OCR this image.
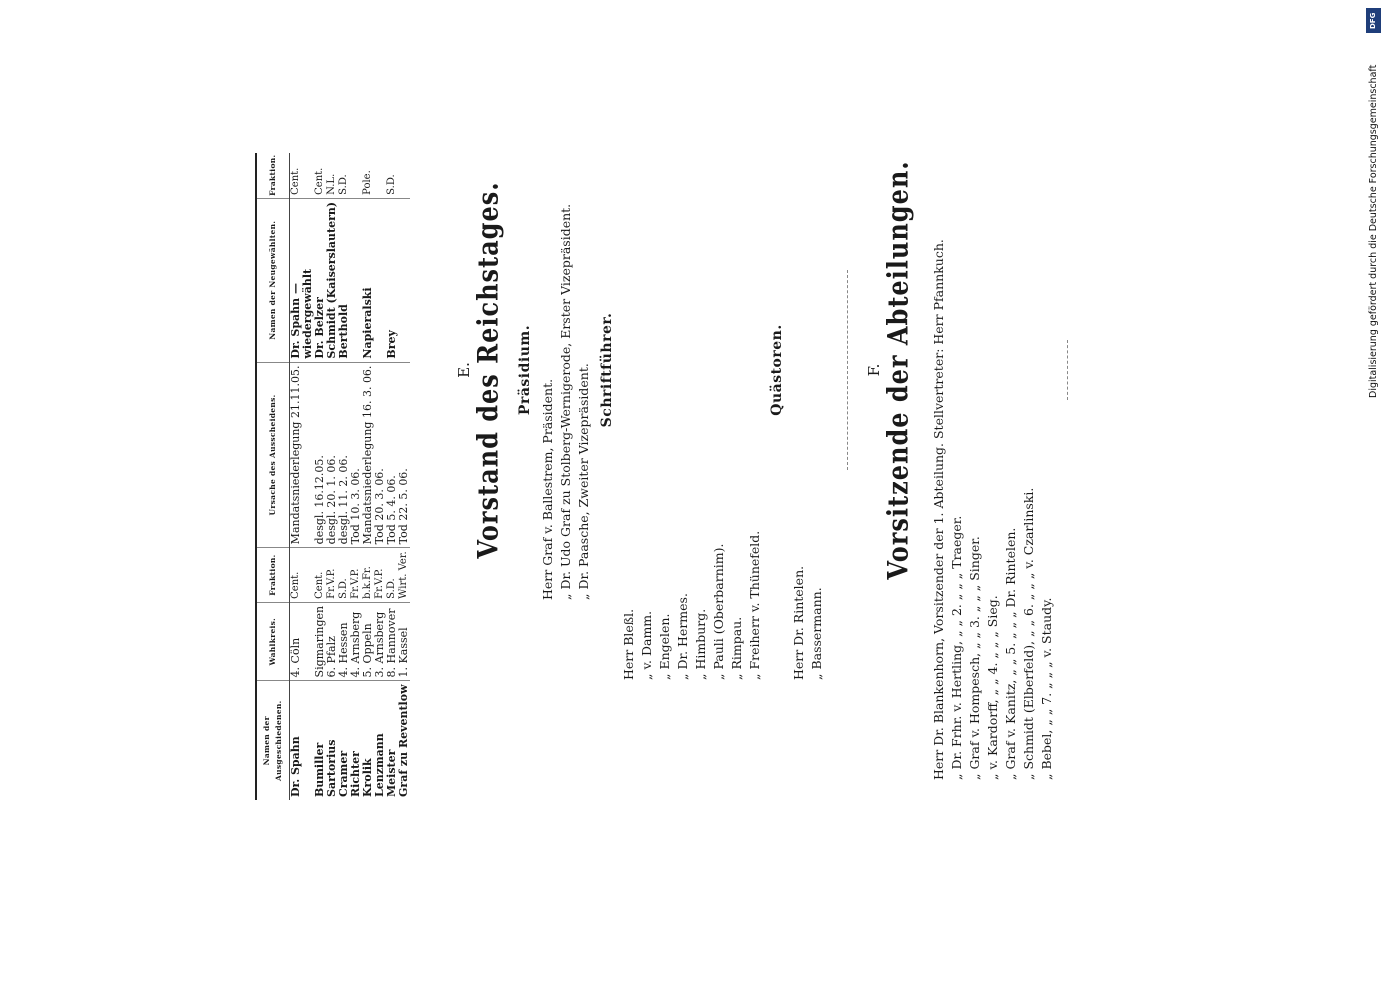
Namen der Ausgeschiedenen.	Wahlkreis.	Fraktion.	Ursache des Ausscheidens.	Namen der Neugewählten.	Fraktion.
Dr. Spahn	4. Cöln	Cent.	Mandatsniederlegung 21.11.05.	Dr. Spahn —	Cent.
				wiedergewählt	
Bumiller	Sigmaringen	Cent.	desgl. 16.12.05.	Dr. Belzer	Cent.
Sartorius	6. Pfalz	Fr.V.P.	desgl. 20. 1. 06.	Schmidt (Kaiserslautern)	N.L.
Cramer	4. Hessen	S.D.	desgl. 11. 2. 06.	Berthold	S.D.
Richter	4. Arnsberg	Fr.V.P.	Tod 10. 3. 06.		
Krolik	5. Oppeln	b.k.Fr.	Mandatsniederlegung 16. 3. 06.	Napieralski	Pole.
Lenzmann	3. Arnsberg	Fr.V.P.	Tod 20. 3. 06.		
Meister	8. Hannover	S.D.	Tod 5. 4. 06.	Brey	S.D.
Graf zu Reventlow	1. Kassel	Wirt. Ver.	Tod 22. 5. 06.		
E.
Vorstand des Reichstages. Präsidium.
Herr Graf v. Ballestrem, Präsident. „ Dr. Udo Graf zu Stolberg-Wernigerode, Erster Vizepräsident. „ Dr. Paasche, Zweiter Vizepräsident. Schriftführer.
Herr Bleßl. „ v. Damm. „ Engelen. „ Dr. Hermes. „ Himburg. „ Pauli (Oberbarnim). „ Rimpau. „ Freiherr v. Thünefeld.
Quästoren.
Herr Dr. Rintelen. „ Bassermann.
F.
Vorsitzende der Abteilungen. Herr Dr. Blankenhorn, Vorsitzender der 1. Abteilung. Stellvertreter: Herr Pfannkuch. „ Dr. Frhr. v. Hertling, „ „ 2. „ „ „ Traeger. „ Graf v. Hompesch, „ „ 3. „ „ „ Singer. „ v. Kardorff, „ „ 4. „ „ „ Sieg. „ Graf v. Kanitz, „ „ 5. „ „ „ Dr. Rintelen. „ Schmidt (Elberfeld), „ „ 6. „ „ „ v. Czarlinski. „ Bebel, „ „ 7. „ „ „ v. Staudy.
DFG
Digitalisierung gefördert durch die Deutsche Forschungsgemeinschaft
